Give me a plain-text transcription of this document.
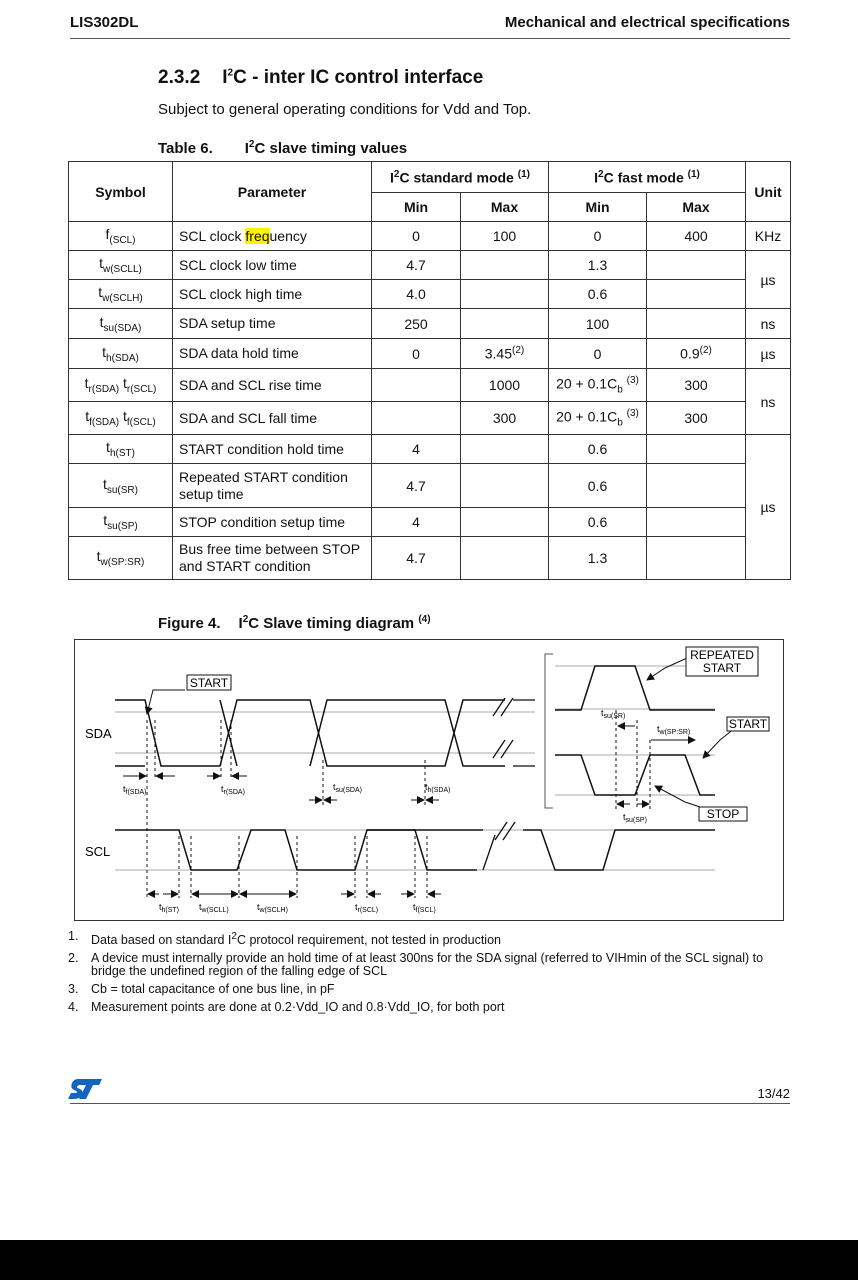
LIS302DL	Mechanical and electrical specifications
2.3.2 $I^2C$ - inter IC control interface
Subject to general operating conditions for Vdd and Top.
Table 6. $I^2C$ slave timing values
Symbol	Parameter	$I^2C$ standard mode $^{(1)}$		$I^2C$ fast mode $^{(1)}$		Unit
		Min	Max	Min	Max	
$f_{(SCL)}$	SCL clock frequency	0	100	0	400	KHz
$t_{w(SCLL)}$	SCL clock low time	4.7		1.3		µs
$t_{w(SCLH)}$	SCL clock high time	4.0		0.6		
$t_{su(SDA)}$	SDA setup time	250		100		ns
$t_{h(SDA)}$	SDA data hold time	0	3.45$^{(2)}$	0	0.9$^{(2)}$	µs
$t_{r(SDA)}$ $t_{r(SCL)}$	SDA and SCL rise time		1000	$20 + 0.1C_b$ $^{(3)}$	300	ns
$t_{f(SDA)}$ $t_{f(SCL)}$	SDA and SCL fall time		300	$20 + 0.1C_b$ $^{(3)}$	300	
$t_{h(ST)}$	START condition hold time	4		0.6		µs
$t_{su(SR)}$	Repeated START condition
setup time	4.7		0.6		
$t_{su(SP)}$	STOP condition setup time	4		0.6		
$t_{w(SP:SR)}$	Bus free time between STOP
and START condition	4.7		1.3		
Figure 4. $I^2C$ Slave timing diagram $^{(4)}$
START
REPEATED
START
START
STOP
SDA
SCL
$t_{f(SDA)}$	$t_{r(SDA)}$
$t_{su(SDA)}$	$t_{h(SDA)}$
$t_{su(SR)}$
$t_{w(SP:SR)}$
$t_{su(SP)}$
$t_{h(ST)}$ $t_{w(SCLL)}$	$t_{w(SCLH)}$	$t_{r(SCL)}$	$t_{f(SCL)}$
1.	Data based on standard $I^2C$ protocol requirement, not tested in production
2.	A device must internally provide an hold time of at least 300ns for the SDA signal (referred to VIHmin of the SCL signal) to bridge the undefined region of the falling edge of SCL
3.	Cb = total capacitance of one bus line, in pF
4.	Measurement points are done at 0.2·Vdd_IO and 0.8·Vdd_IO, for both port
13/42
